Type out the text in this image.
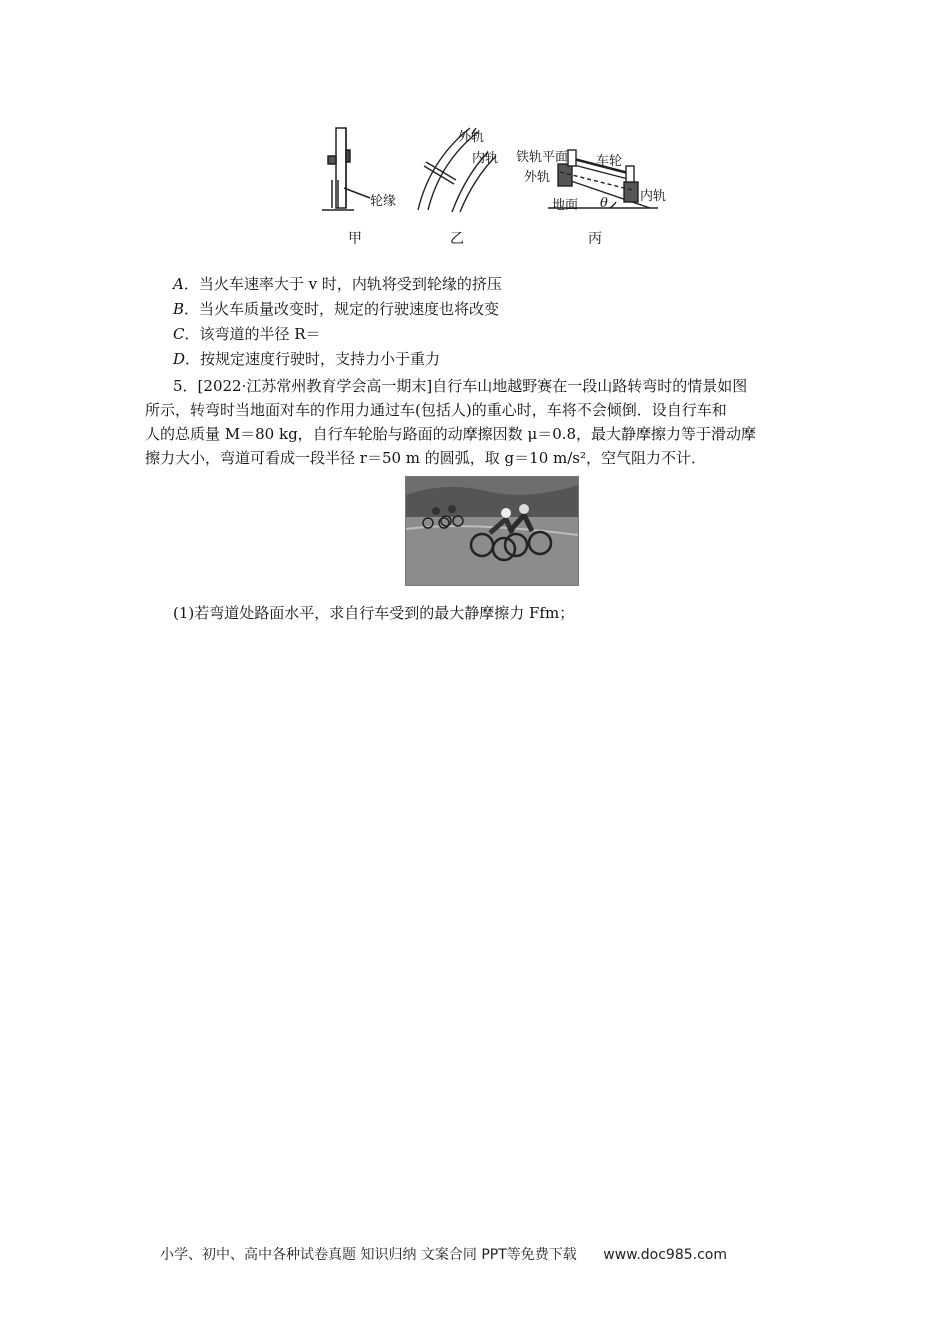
轮缘
外轨
内轨 铁轨平面 车轮
外轨
地面
内轨
θ
甲	乙	丙
A．当火车速率大于 v 时，内轨将受到轮缘的挤压
B．当火车质量改变时，规定的行驶速度也将改变
C．该弯道的半径 R＝
D．按规定速度行驶时，支持力小于重力
5．[2022·江苏常州教育学会高一期末]自行车山地越野赛在一段山路转弯时的情景如图
所示，转弯时当地面对车的作用力通过车(包括人)的重心时，车将不会倾倒．设自行车和
人的总质量 M＝80 kg，自行车轮胎与路面的动摩擦因数 μ＝0.8，最大静摩擦力等于滑动摩
擦力大小，弯道可看成一段半径 r＝50 m 的圆弧，取 g＝10 m/s²，空气阻力不计．
(1)若弯道处路面水平，求自行车受到的最大静摩擦力 Ffm；
小学、初中、高中各种试卷真题 知识归纳 文案合同 PPT等免费下载 www.doc985.com
